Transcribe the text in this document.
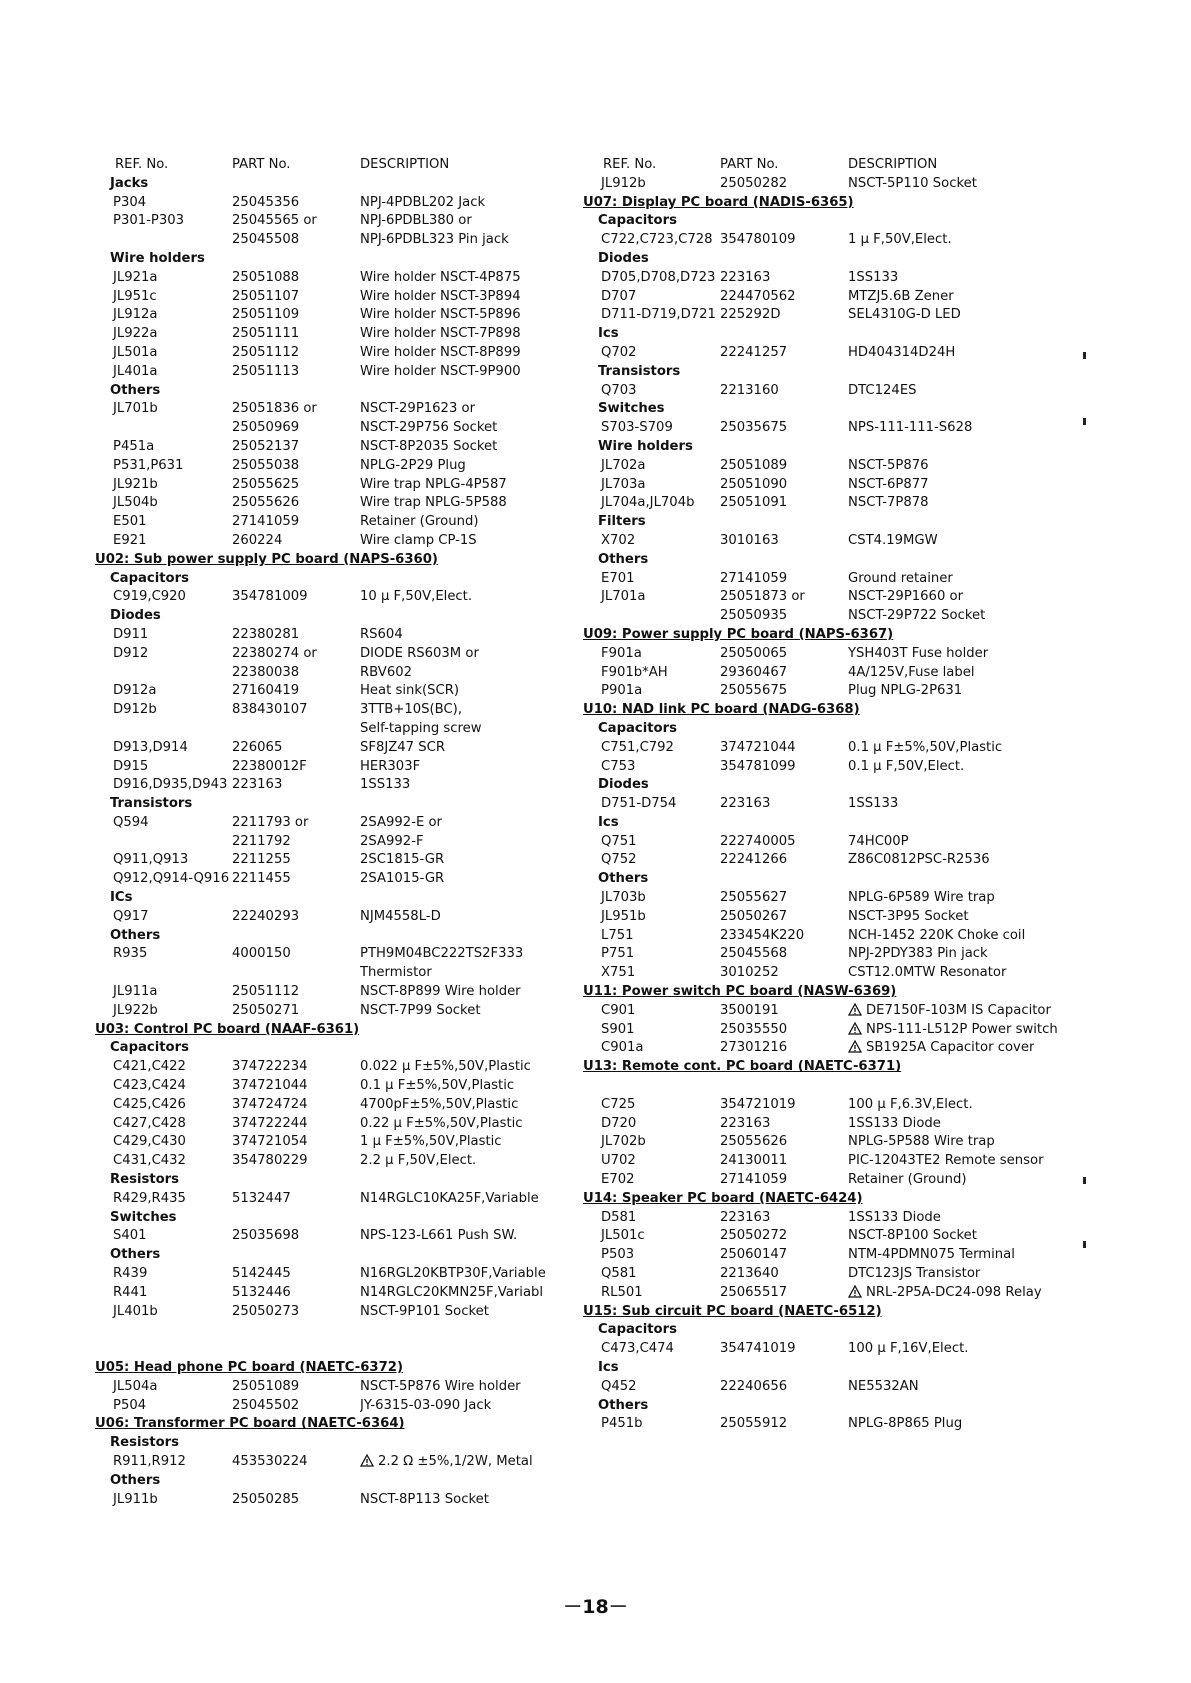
REF. No.	PART No.	DESCRIPTION
Jacks
P304	25045356	NPJ-4PDBL202 Jack
P301-P303	25045565 or	NPJ-6PDBL380 or
25045508	NPJ-6PDBL323 Pin jack
Wire holders
JL921a	25051088	Wire holder NSCT-4P875
JL951c	25051107	Wire holder NSCT-3P894
JL912a	25051109	Wire holder NSCT-5P896
JL922a	25051111	Wire holder NSCT-7P898
JL501a	25051112	Wire holder NSCT-8P899
JL401a	25051113	Wire holder NSCT-9P900
Others
JL701b	25051836 or	NSCT-29P1623 or
25050969	NSCT-29P756 Socket
P451a	25052137	NSCT-8P2035 Socket
P531,P631	25055038	NPLG-2P29 Plug
JL921b	25055625	Wire trap NPLG-4P587
JL504b	25055626	Wire trap NPLG-5P588
E501	27141059	Retainer (Ground)
E921	260224	Wire clamp CP-1S
U02: Sub power supply PC board (NAPS-6360)
Capacitors
C919,C920	354781009	10 μ F,50V,Elect.
Diodes
D911	22380281	RS604
D912	22380274 or	DIODE RS603M or
22380038	RBV602
D912a	27160419	Heat sink(SCR)
D912b	838430107	3TTB+10S(BC),
Self-tapping screw
D913,D914	226065	SF8JZ47 SCR
D915	22380012F	HER303F
D916,D935,D943 223163	1SS133
Transistors
Q594	2211793 or	2SA992-E or
2211792	2SA992-F
Q911,Q913	2211255	2SC1815-GR
Q912,Q914-Q916 2211455	2SA1015-GR
ICs
Q917	22240293	NJM4558L-D
Others
R935	4000150	PTH9M04BC222TS2F333
Thermistor
JL911a	25051112	NSCT-8P899 Wire holder
JL922b	25050271	NSCT-7P99 Socket
U03: Control PC board (NAAF-6361)
Capacitors
C421,C422	374722234	0.022 μ F±5%,50V,Plastic
C423,C424	374721044	0.1 μ F±5%,50V,Plastic
C425,C426	374724724	4700pF±5%,50V,Plastic
C427,C428	374722244	0.22 μ F±5%,50V,Plastic
C429,C430	374721054	1 μ F±5%,50V,Plastic
C431,C432	354780229	2.2 μ F,50V,Elect.
Resistors
R429,R435	5132447	N14RGLC10KA25F,Variable
Switches
S401	25035698	NPS-123-L661 Push SW.
Others
R439	5142445	N16RGL20KBTP30F,Variable
R441	5132446	N14RGLC20KMN25F,Variabl
JL401b	25050273	NSCT-9P101 Socket
U05: Head phone PC board (NAETC-6372)
JL504a	25051089	NSCT-5P876 Wire holder
P504	25045502	JY-6315-03-090 Jack
U06: Transformer PC board (NAETC-6364)
Resistors
R911,R912	453530224	2.2 Ω ±5%,1/2W, Metal
Others
JL911b	25050285	NSCT-8P113 Socket
REF. No.	PART No.	DESCRIPTION
JL912b	25050282	NSCT-5P110 Socket
U07: Display PC board (NADIS-6365)
Capacitors
C722,C723,C728 354780109	1 μ F,50V,Elect.
Diodes
D705,D708,D723 223163	1SS133
D707	224470562	MTZJ5.6B Zener
D711-D719,D721 225292D	SEL4310G-D LED
Ics
Q702	22241257	HD404314D24H
Transistors
Q703	2213160	DTC124ES
Switches
S703-S709	25035675	NPS-111-111-S628
Wire holders
JL702a	25051089	NSCT-5P876
JL703a	25051090	NSCT-6P877
JL704a,JL704b	25051091	NSCT-7P878
Filters
X702	3010163	CST4.19MGW
Others
E701	27141059	Ground retainer
JL701a	25051873 or	NSCT-29P1660 or
25050935	NSCT-29P722 Socket
U09: Power supply PC board (NAPS-6367)
F901a	25050065	YSH403T Fuse holder
F901b*AH	29360467	4A/125V,Fuse label
P901a	25055675	Plug NPLG-2P631
U10: NAD link PC board (NADG-6368)
Capacitors
C751,C792	374721044	0.1 μ F±5%,50V,Plastic
C753	354781099	0.1 μ F,50V,Elect.
Diodes
D751-D754	223163	1SS133
Ics
Q751	222740005	74HC00P
Q752	22241266	Z86C0812PSC-R2536
Others
JL703b	25055627	NPLG-6P589 Wire trap
JL951b	25050267	NSCT-3P95 Socket
L751	233454K220	NCH-1452 220K Choke coil
P751	25045568	NPJ-2PDY383 Pin jack
X751	3010252	CST12.0MTW Resonator
U11: Power switch PC board (NASW-6369)
C901	3500191	DE7150F-103M IS Capacitor
S901	25035550	NPS-111-L512P Power switch
C901a	27301216	SB1925A Capacitor cover
U13: Remote cont. PC board (NAETC-6371)
C725	354721019	100 μ F,6.3V,Elect.
D720	223163	1SS133 Diode
JL702b	25055626	NPLG-5P588 Wire trap
U702	24130011	PIC-12043TE2 Remote sensor
E702	27141059	Retainer (Ground)
U14: Speaker PC board (NAETC-6424)
D581	223163	1SS133 Diode
JL501c	25050272	NSCT-8P100 Socket
P503	25060147	NTM-4PDMN075 Terminal
Q581	2213640	DTC123JS Transistor
RL501	25065517	NRL-2P5A-DC24-098 Relay
U15: Sub circuit PC board (NAETC-6512)
Capacitors
C473,C474	354741019	100 μ F,16V,Elect.
Ics
Q452	22240656	NE5532AN
Others
P451b	25055912	NPLG-8P865 Plug
－18－
